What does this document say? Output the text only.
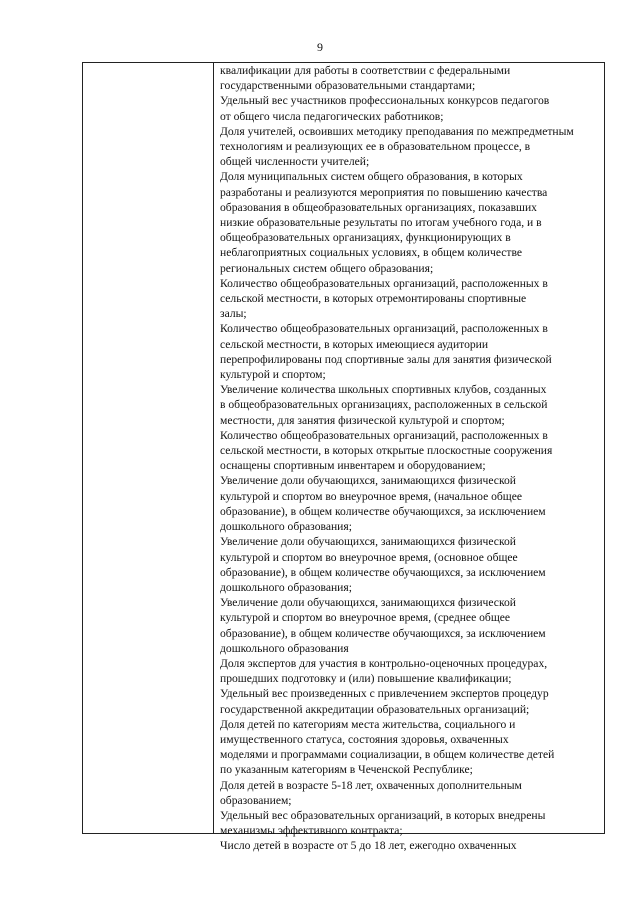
9
квалификации для работы в соответствии с федеральными
государственными образовательными стандартами;
Удельный вес участников профессиональных конкурсов педагогов
от общего числа педагогических работников;
Доля учителей, освоивших методику преподавания по межпредметным
технологиям и реализующих ее в образовательном процессе, в
общей численности учителей;
Доля муниципальных систем общего образования, в которых
разработаны и реализуются мероприятия по повышению качества
образования в общеобразовательных организациях, показавших
низкие образовательные результаты по итогам учебного года, и в
общеобразовательных организациях, функционирующих в
неблагоприятных социальных условиях, в общем количестве
региональных систем общего образования;
Количество общеобразовательных организаций, расположенных в
сельской местности, в которых отремонтированы спортивные
залы;
Количество общеобразовательных организаций, расположенных в
сельской местности, в которых имеющиеся аудитории
перепрофилированы под спортивные залы для занятия физической
культурой и спортом;
Увеличение количества школьных спортивных клубов, созданных
в общеобразовательных организациях, расположенных в сельской
местности, для занятия физической культурой и спортом;
Количество общеобразовательных организаций, расположенных в
сельской местности, в которых открытые плоскостные сооружения
оснащены спортивным инвентарем и оборудованием;
Увеличение доли обучающихся, занимающихся физической
культурой и спортом во внеурочное время, (начальное общее
образование), в общем количестве обучающихся, за исключением
дошкольного образования;
Увеличение доли обучающихся, занимающихся физической
культурой и спортом во внеурочное время, (основное общее
образование), в общем количестве обучающихся, за исключением
дошкольного образования;
Увеличение доли обучающихся, занимающихся физической
культурой и спортом во внеурочное время, (среднее общее
образование), в общем количестве обучающихся, за исключением
дошкольного образования
Доля экспертов для участия в контрольно-оценочных процедурах,
прошедших подготовку и (или) повышение квалификации;
Удельный вес произведенных с привлечением экспертов процедур
государственной аккредитации образовательных организаций;
Доля детей по категориям места жительства, социального и
имущественного статуса, состояния здоровья, охваченных
моделями и программами социализации, в общем количестве детей
по указанным категориям в Чеченской Республике;
Доля детей в возрасте 5-18 лет, охваченных дополнительным
образованием;
Удельный вес образовательных организаций, в которых внедрены
механизмы эффективного контракта;
Число детей в возрасте от 5 до 18 лет, ежегодно охваченных
